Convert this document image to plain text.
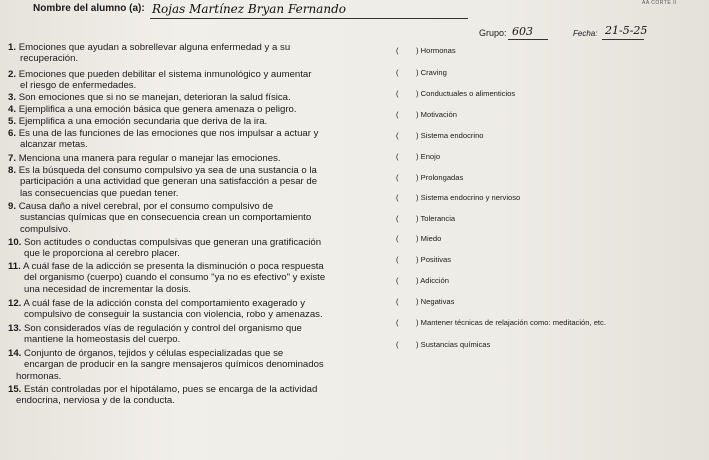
AA CORTE II
Nombre del alumno (a): Rojas Martínez Bryan Fernando
Grupo: 603	Fecha: 21-5-25
1. Emociones que ayudan a sobrellevar alguna enfermedad y a su
recuperación.
2. Emociones que pueden debilitar el sistema inmunológico y aumentar
el riesgo de enfermedades.
3. Son emociones que si no se manejan, deterioran la salud física.
4. Ejemplifica a una emoción básica que genera amenaza o peligro.
5. Ejemplifica a una emoción secundaria que deriva de la ira.
6. Es una de las funciones de las emociones que nos impulsar a actuar y
alcanzar metas.
7. Menciona una manera para regular o manejar las emociones.
8. Es la búsqueda del consumo compulsivo ya sea de una sustancia o la
participación a una actividad que generan una satisfacción a pesar de
las consecuencias que puedan tener.
9. Causa daño a nivel cerebral, por el consumo compulsivo de
sustancias químicas que en consecuencia crean un comportamiento
compulsivo.
10. Son actitudes o conductas compulsivas que generan una gratificación
que le proporciona al cerebro placer.
11. A cuál fase de la adicción se presenta la disminución o poca respuesta
del organismo (cuerpo) cuando el consumo "ya no es efectivo" y existe
una necesidad de incrementar la dosis.
12. A cuál fase de la adicción consta del comportamiento exagerado y
compulsivo de conseguir la sustancia con violencia, robo y amenazas.
13. Son considerados vías de regulación y control del organismo que
mantiene la homeostasis del cuerpo.
14. Conjunto de órganos, tejidos y células especializadas que se
encargan de producir en la sangre mensajeros químicos denominados
hormonas.
15. Están controladas por el hipotálamo, pues se encarga de la actividad
endocrina, nerviosa y de la conducta.
( ) Hormonas
( ) Craving
( ) Conductuales o alimenticios
( ) Motivación
( ) Sistema endocrino
( ) Enojo
( ) Prolongadas
( ) Sistema endocrino y nervioso
( ) Tolerancia
( ) Miedo
( ) Positivas
( ) Adicción
( ) Negativas
( ) Mantener técnicas de relajación como: meditación, etc.
( ) Sustancias químicas
